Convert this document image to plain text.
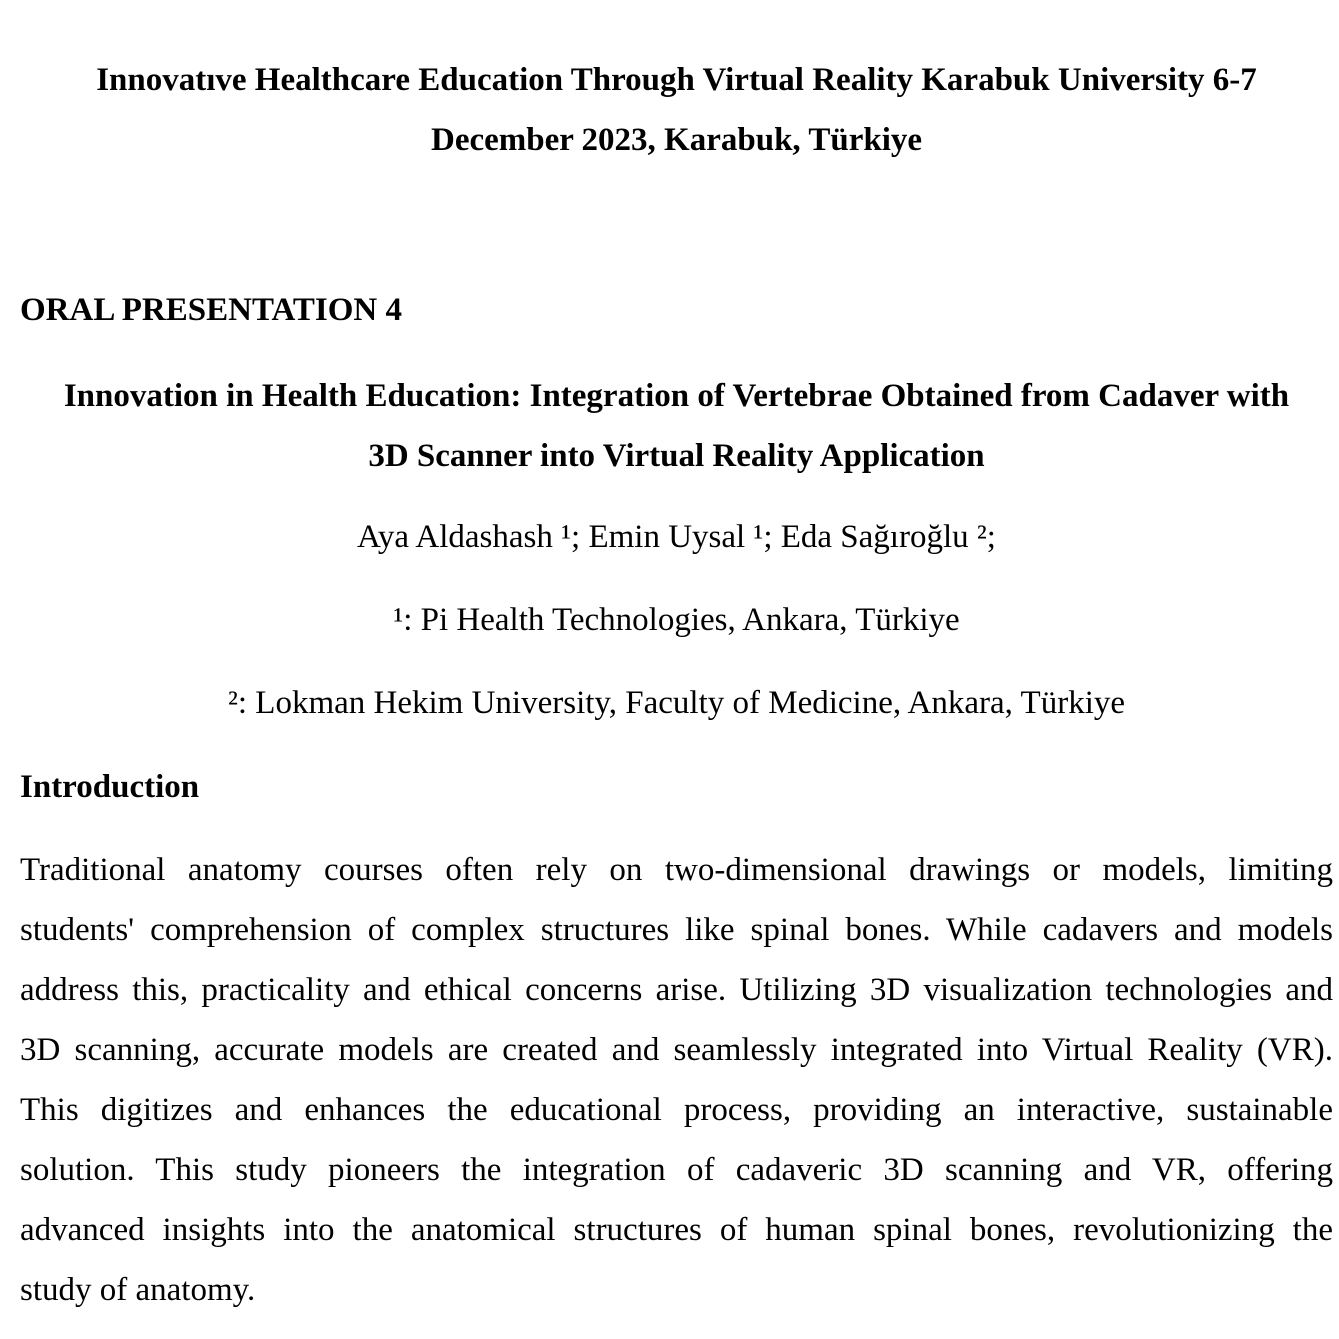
Innovatıve Healthcare Education Through Virtual Reality Karabuk University 6-7
December 2023, Karabuk, Türkiye
ORAL PRESENTATION 4
Innovation in Health Education: Integration of Vertebrae Obtained from Cadaver with
3D Scanner into Virtual Reality Application

Aya Aldashash ¹; Emin Uysal ¹; Eda Sağıroğlu ²;

¹: Pi Health Technologies, Ankara, Türkiye

²: Lokman Hekim University, Faculty of Medicine, Ankara, Türkiye

Introduction
Traditional anatomy courses often rely on two-dimensional drawings or models, limiting
students' comprehension of complex structures like spinal bones. While cadavers and models
address this, practicality and ethical concerns arise. Utilizing 3D visualization technologies and
3D scanning, accurate models are created and seamlessly integrated into Virtual Reality (VR).
This digitizes and enhances the educational process, providing an interactive, sustainable
solution. This study pioneers the integration of cadaveric 3D scanning and VR, offering
advanced insights into the anatomical structures of human spinal bones, revolutionizing the
study of anatomy.
